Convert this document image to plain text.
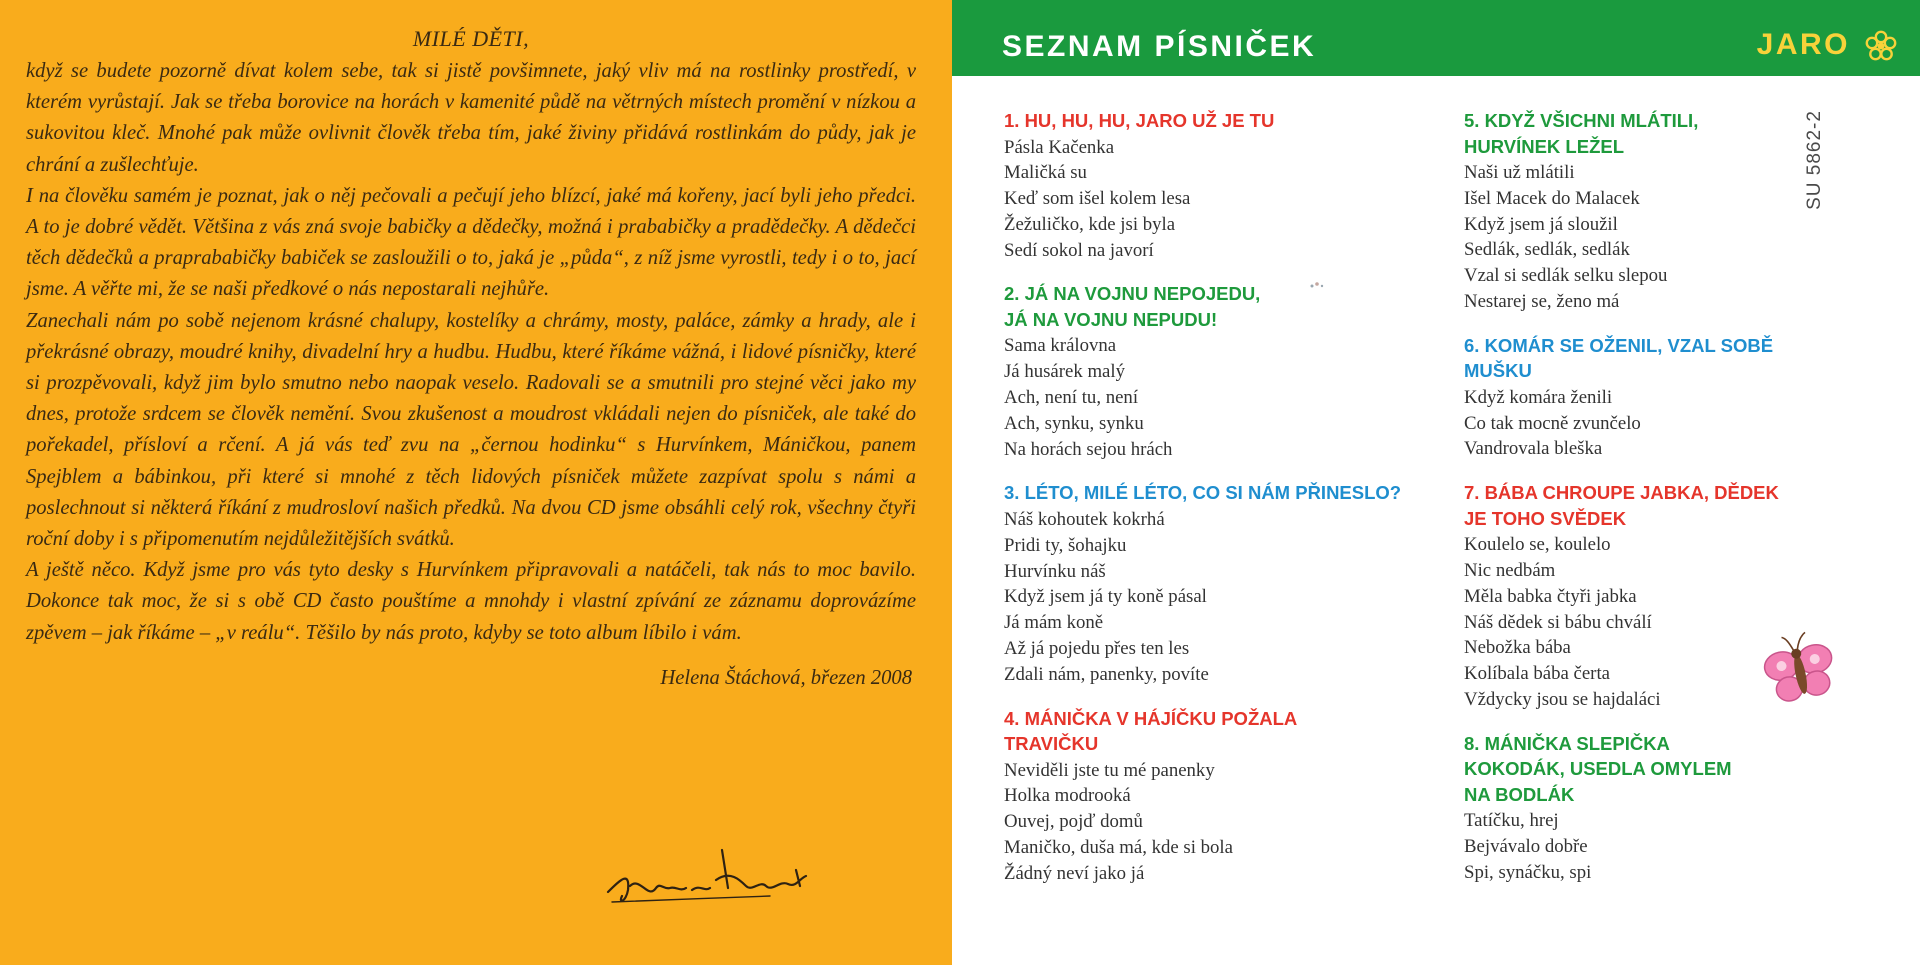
MILÉ DĚTI,

když se budete pozorně dívat kolem sebe, tak si jistě povšimnete, jaký vliv má na rostlinky prostředí, v kterém vyrůstají. Jak se třeba borovice na horách v kamenité půdě na větrných místech promění v nízkou a sukovitou kleč. Mnohé pak může ovlivnit člověk třeba tím, jaké živiny přidává rostlinkám do půdy, jak je chrání a zušlechťuje.

I na člověku samém je poznat, jak o něj pečovali a pečují jeho blízcí, jaké má kořeny, jací byli jeho předci. A to je dobré vědět. Většina z vás zná svoje babičky a dědečky, možná i prababičky a pradědečky. A dědečci těch dědečků a praprababičky babiček se zasloužili o to, jaká je „půda“, z níž jsme vyrostli, tedy i o to, jací jsme. A věřte mi, že se naši předkové o nás nepostarali nejhůře.

Zanechali nám po sobě nejenom krásné chalupy, kostelíky a chrámy, mosty, paláce, zámky a hrady, ale i překrásné obrazy, moudré knihy, divadelní hry a hudbu. Hudbu, které říkáme vážná, i lidové písničky, které si prozpěvovali, když jim bylo smutno nebo naopak veselo. Radovali se a smutnili pro stejné věci jako my dnes, protože srdcem se člověk nemění. Svou zkušenost a moudrost vkládali nejen do písniček, ale také do pořekadel, přísloví a rčení. A já vás teď zvu na „černou hodinku“ s Hurvínkem, Máničkou, panem Spejblem a bábinkou, při které si mnohé z těch lidových písniček můžete zazpívat spolu s námi a poslechnout si některá říkání z mudrosloví našich předků. Na dvou CD jsme obsáhli celý rok, všechny čtyři roční doby i s připomenutím nejdůležitějších svátků.

A ještě něco. Když jsme pro vás tyto desky s Hurvínkem připravovali a natáčeli, tak nás to moc bavilo. Dokonce tak moc, že si s obě CD často pouštíme a mnohdy i vlastní zpívání ze záznamu doprovázíme zpěvem – jak říkáme – „v reálu“. Těšilo by nás proto, kdyby se toto album líbilo i vám.

Helena Štáchová, březen 2008
SEZNAM PÍSNIČEK	JARO
1. HU, HU, HU, JARO UŽ JE TU
Pásla Kačenka
Maličká su
Keď som išel kolem lesa
Žežuličko, kde jsi byla
Sedí sokol na javorí
2. JÁ NA VOJNU NEPOJEDU, JÁ NA VOJNU NEPUDU!
Sama královna
Já husárek malý
Ach, není tu, není
Ach, synku, synku
Na horách sejou hrách
3. LÉTO, MILÉ LÉTO, CO SI NÁM PŘINESLO?
Náš kohoutek kokrhá
Pridi ty, šohajku
Hurvínku náš
Když jsem já ty koně pásal
Já mám koně
Až já pojedu přes ten les
Zdali nám, panenky, povíte
4. MÁNIČKA V HÁJÍČKU POŽALA TRAVIČKU
Neviděli jste tu mé panenky
Holka modrooká
Ouvej, pojď domů
Maničko, duša má, kde si bola
Žádný neví jako já
5. KDYŽ VŠICHNI MLÁTILI, HURVÍNEK LEŽEL
Naši už mlátili
Išel Macek do Malacek
Když jsem já sloužil
Sedlák, sedlák, sedlák
Vzal si sedlák selku slepou
Nestarej se, ženo má
6. KOMÁR SE OŽENIL, VZAL SOBĚ MUŠKU
Když komára ženili
Co tak mocně zvunčelo
Vandrovala bleška
7. BÁBA CHROUPE JABKA, DĚDEK JE TOHO SVĚDEK
Koulelo se, koulelo
Nic nedbám
Měla babka čtyři jabka
Náš dědek si bábu chválí
Nebožka bába
Kolíbala bába čerta
Vždycky jsou se hajdaláci
8. MÁNIČKA SLEPIČKA KOKODÁK, USEDLA OMYLEM NA BODLÁK
Tatíčku, hrej
Bejvávalo dobře
Spi, synáčku, spi
SU 5862-2
